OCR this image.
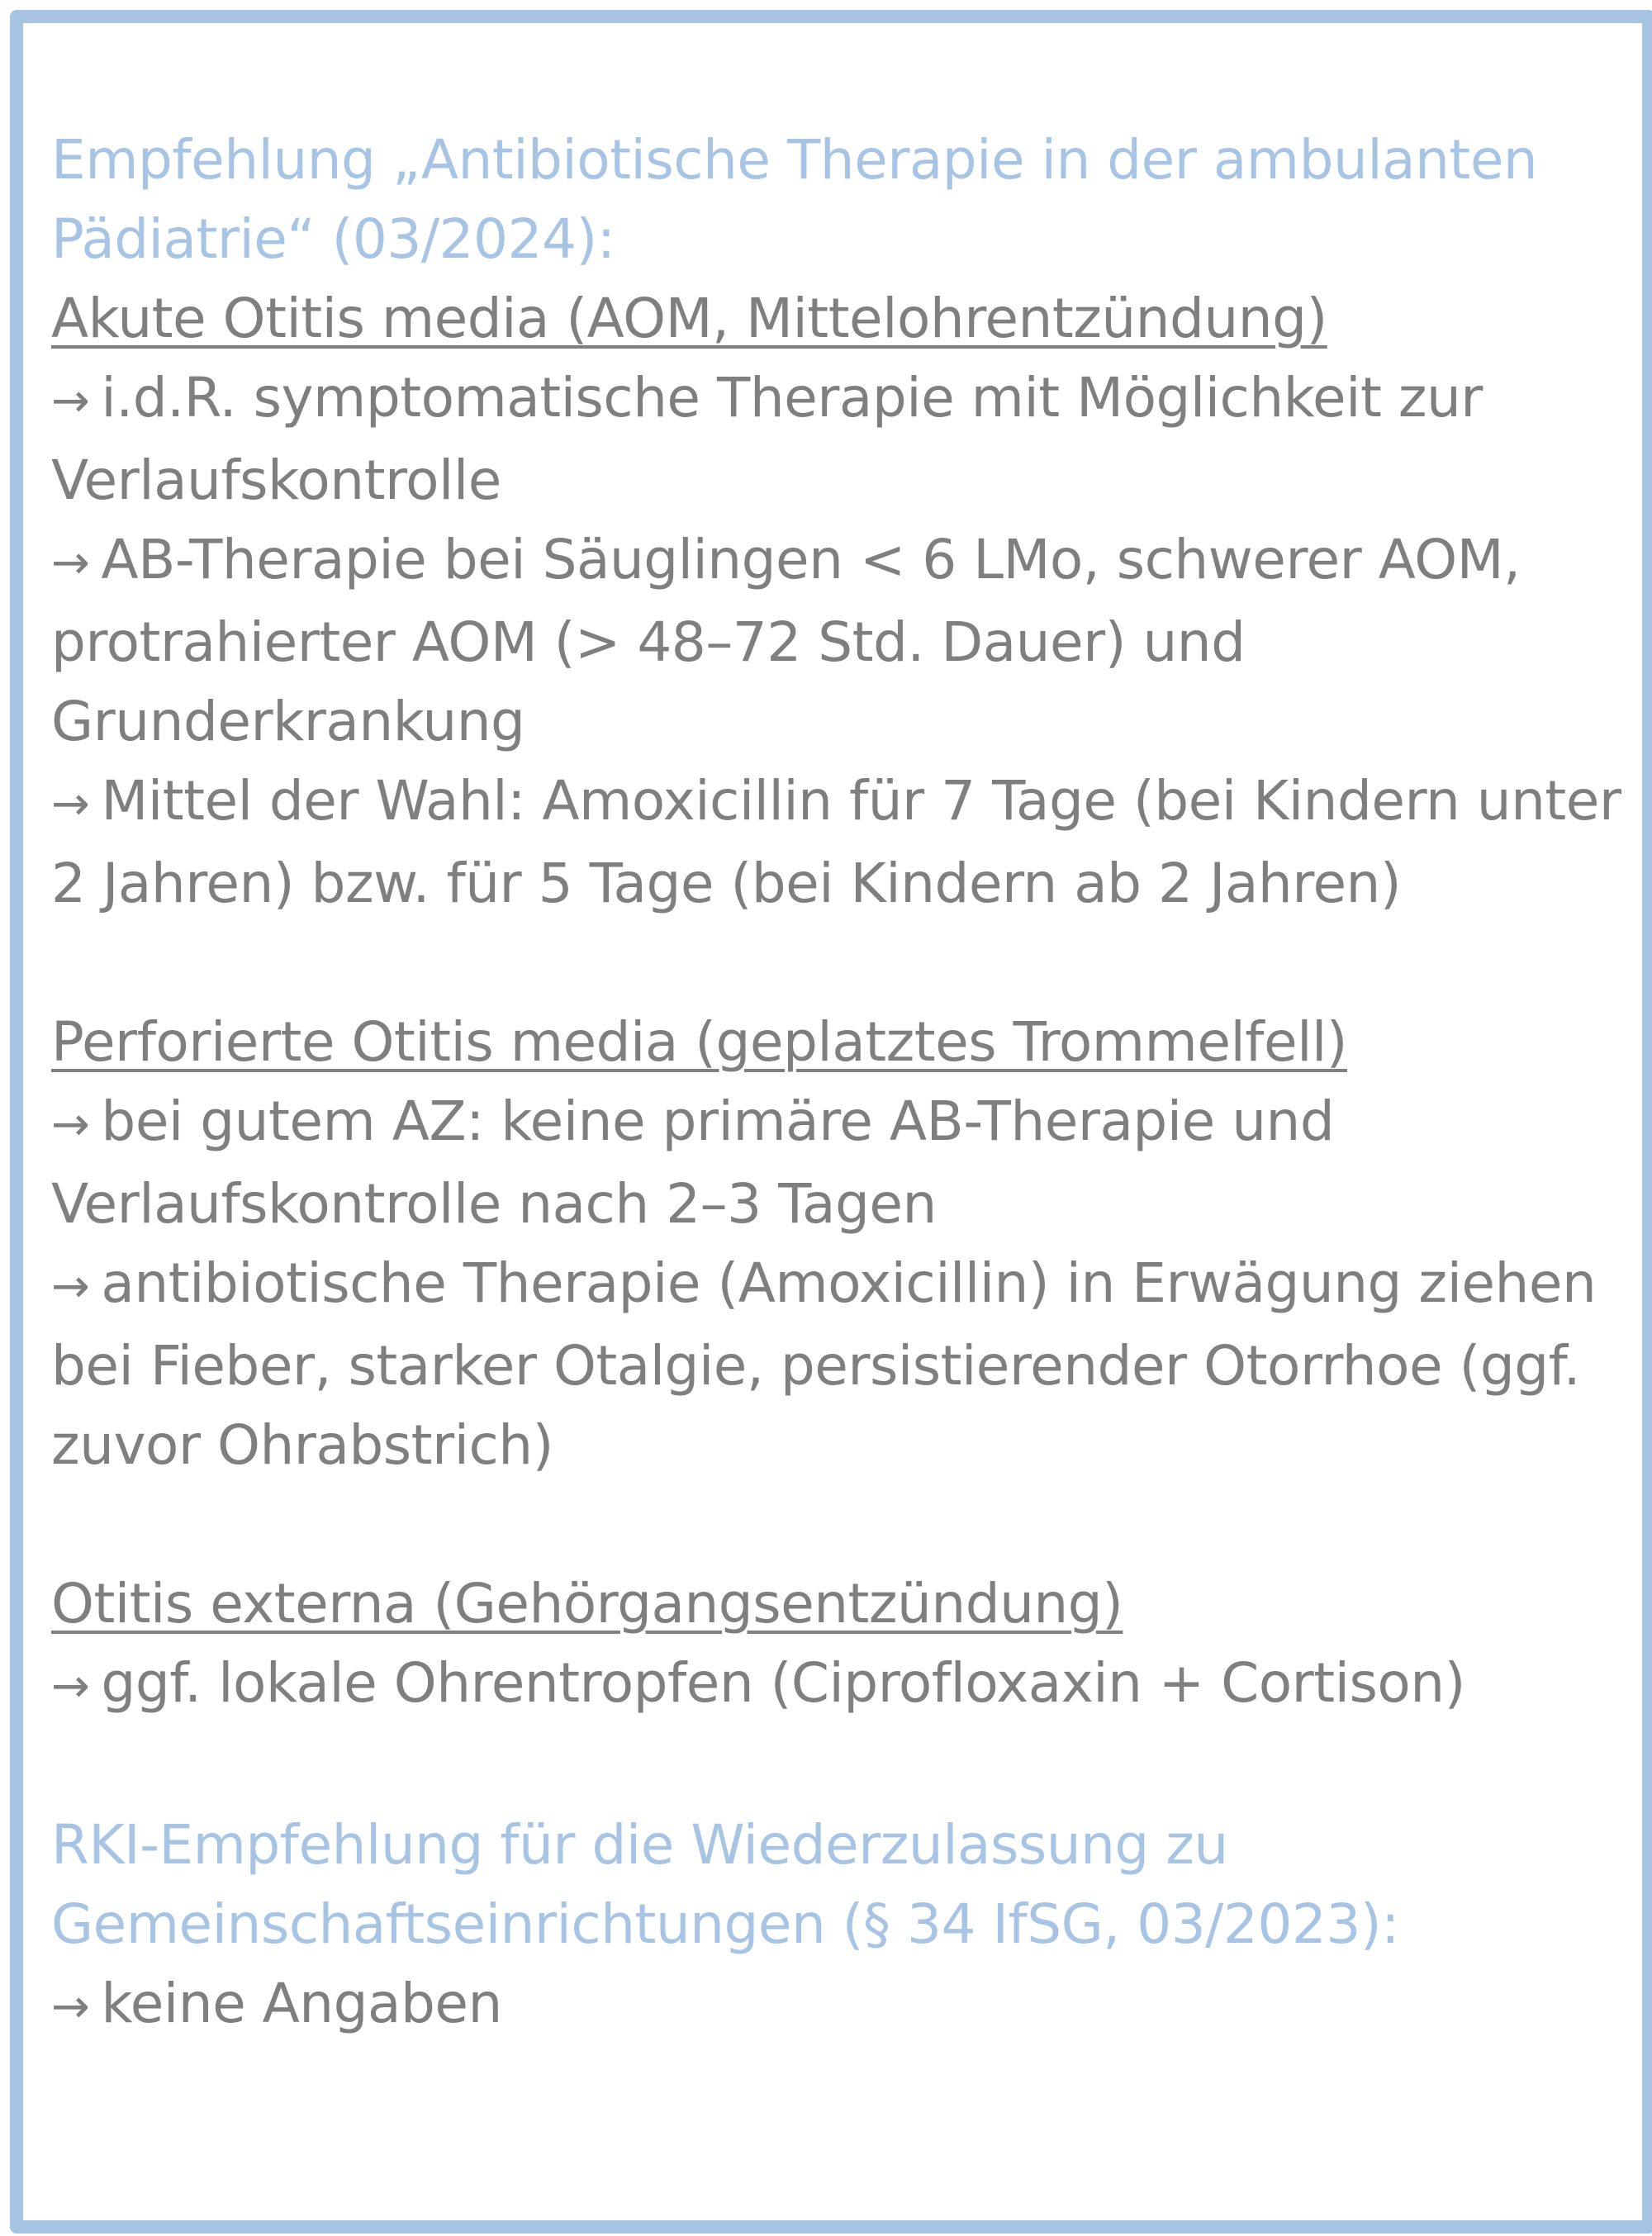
Empfehlung „Antibiotische Therapie in der ambulanten Pädiatrie“ (03/2024):

Akute Otitis media (AOM, Mittelohrentzündung)

→ i.d.R. symptomatische Therapie mit Möglichkeit zur Verlaufskontrolle

→ AB-Therapie bei Säuglingen < 6 LMo, schwerer AOM, protrahierter AOM (> 48–72 Std. Dauer) und Grunderkrankung

→ Mittel der Wahl: Amoxicillin für 7 Tage (bei Kindern unter 2 Jahren) bzw. für 5 Tage (bei Kindern ab 2 Jahren)

Perforierte Otitis media (geplatztes Trommelfell)

→ bei gutem AZ: keine primäre AB-Therapie und Verlaufskontrolle nach 2–3 Tagen

→ antibiotische Therapie (Amoxicillin) in Erwägung ziehen bei Fieber, starker Otalgie, persistierender Otorrhoe (ggf. zuvor Ohrabstrich)

Otitis externa (Gehörgangsentzündung)

→ ggf. lokale Ohrentropfen (Ciprofloxaxin + Cortison)

RKI-Empfehlung für die Wiederzulassung zu Gemeinschaftseinrichtungen (§ 34 IfSG, 03/2023):

→ keine Angaben
